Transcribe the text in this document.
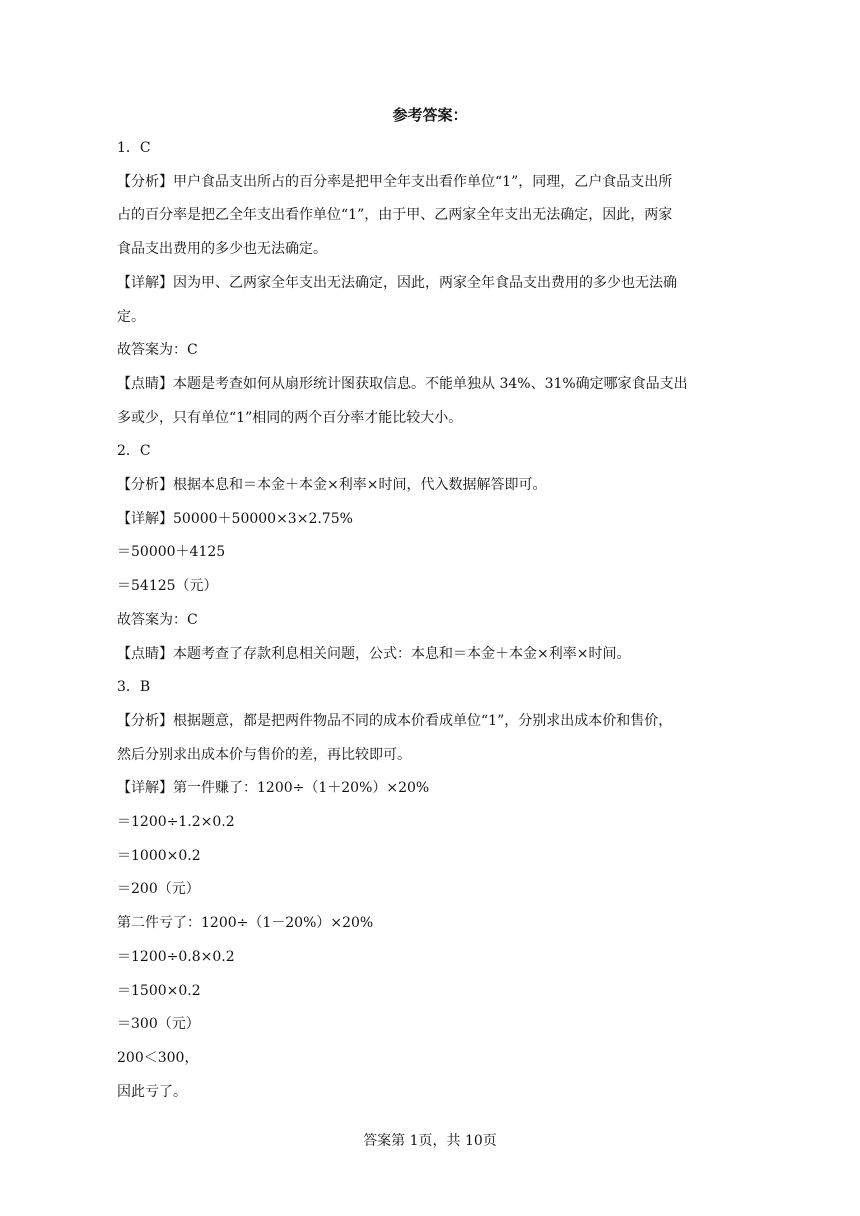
参考答案：

1．C

【分析】甲户食品支出所占的百分率是把甲全年支出看作单位“1”，同理，乙户食品支出所

占的百分率是把乙全年支出看作单位“1”，由于甲、乙两家全年支出无法确定，因此，两家

食品支出费用的多少也无法确定。

【详解】因为甲、乙两家全年支出无法确定，因此，两家全年食品支出费用的多少也无法确

定。

故答案为：C

【点睛】本题是考查如何从扇形统计图获取信息。不能单独从 34%、31%确定哪家食品支出

多或少，只有单位“1”相同的两个百分率才能比较大小。

2．C

【分析】根据本息和＝本金＋本金×利率×时间，代入数据解答即可。

【详解】50000＋50000×3×2.75%

＝50000＋4125

＝54125（元）

故答案为：C

【点睛】本题考查了存款利息相关问题，公式：本息和＝本金＋本金×利率×时间。

3．B

【分析】根据题意，都是把两件物品不同的成本价看成单位“1”，分别求出成本价和售价，

然后分别求出成本价与售价的差，再比较即可。

【详解】第一件赚了：1200÷（1＋20%）×20%

＝1200÷1.2×0.2

＝1000×0.2

＝200（元）

第二件亏了：1200÷（1－20%）×20%

＝1200÷0.8×0.2

＝1500×0.2

＝300（元）

200＜300，

因此亏了。

答案第 1页，共 10页
